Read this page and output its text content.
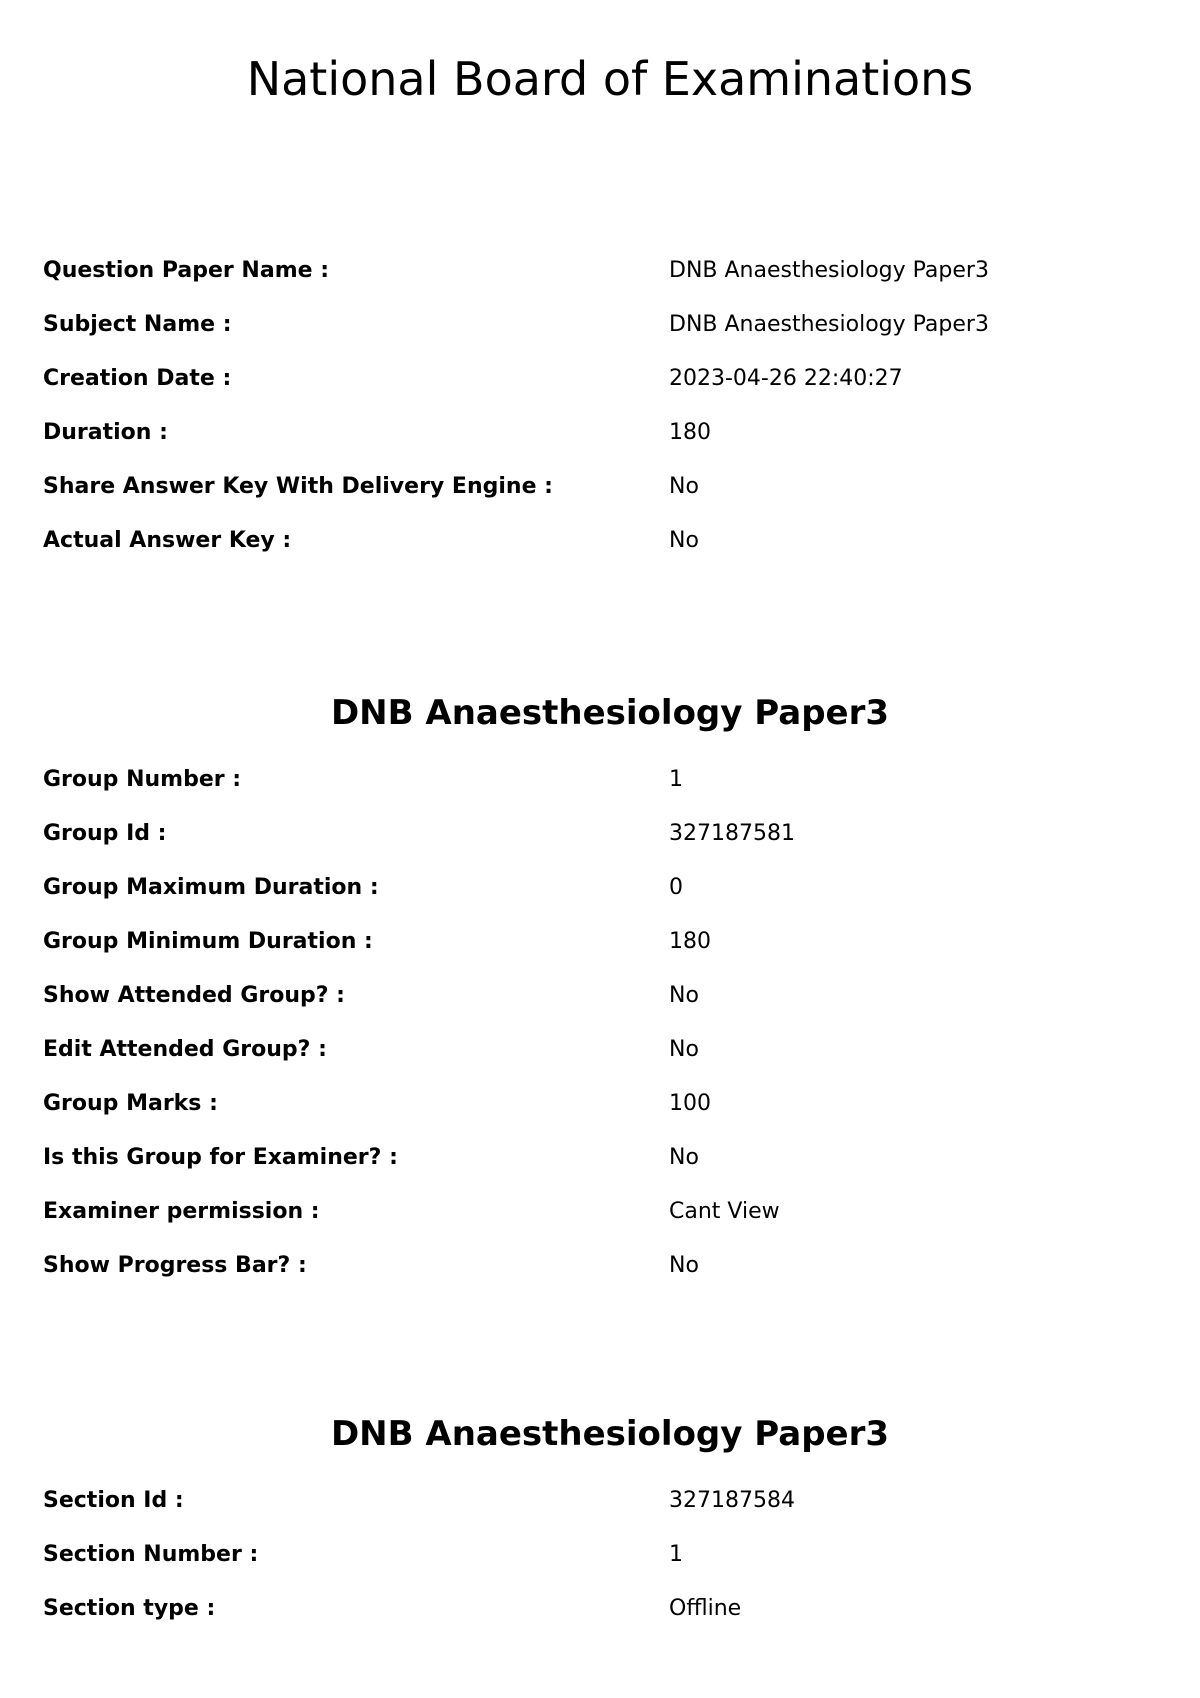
National Board of Examinations
Question Paper Name :	DNB Anaesthesiology Paper3
Subject Name :	DNB Anaesthesiology Paper3
Creation Date :	2023-04-26 22:40:27
Duration :	180
Share Answer Key With Delivery Engine :	No
Actual Answer Key :	No
DNB Anaesthesiology Paper3
Group Number :	1
Group Id :	327187581
Group Maximum Duration :	0
Group Minimum Duration :	180
Show Attended Group? :	No
Edit Attended Group? :	No
Group Marks :	100
Is this Group for Examiner? :	No
Examiner permission :	Cant View
Show Progress Bar? :	No
DNB Anaesthesiology Paper3
Section Id :	327187584
Section Number :	1
Section type :	Offline
